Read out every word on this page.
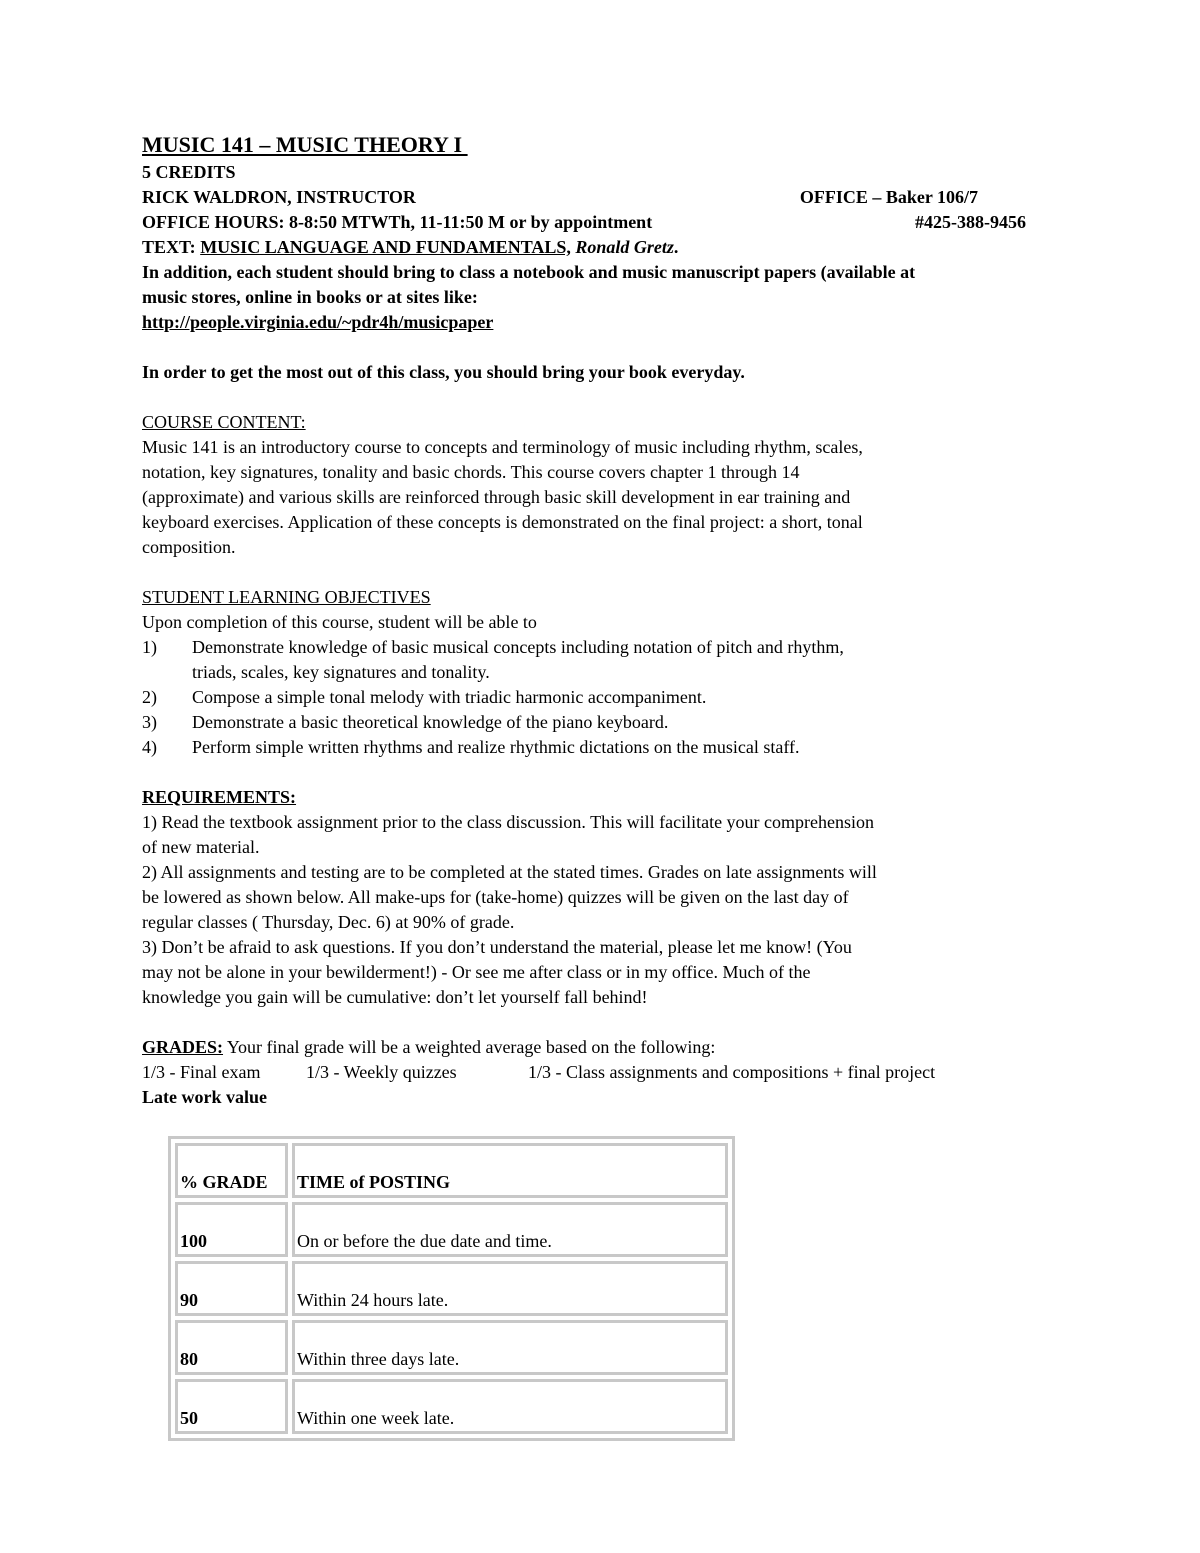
MUSIC 141 – MUSIC THEORY I
5 CREDITS
RICK WALDRON, INSTRUCTOR	OFFICE – Baker 106/7
OFFICE HOURS: 8-8:50 MTWTh, 11-11:50 M or by appointment	#425-388-9456
TEXT: MUSIC LANGUAGE AND FUNDAMENTALS, Ronald Gretz.
In addition, each student should bring to class a notebook and music manuscript papers (available at
music stores, online in books or at sites like:
http://people.virginia.edu/~pdr4h/musicpaper
In order to get the most out of this class, you should bring your book everyday.
COURSE CONTENT:
Music 141 is an introductory course to concepts and terminology of music including rhythm, scales,
notation, key signatures, tonality and basic chords. This course covers chapter 1 through 14
(approximate) and various skills are reinforced through basic skill development in ear training and
keyboard exercises. Application of these concepts is demonstrated on the final project: a short, tonal
composition.
STUDENT LEARNING OBJECTIVES
Upon completion of this course, student will be able to
1)	Demonstrate knowledge of basic musical concepts including notation of pitch and rhythm,
triads, scales, key signatures and tonality.
2)	Compose a simple tonal melody with triadic harmonic accompaniment.
3)	Demonstrate a basic theoretical knowledge of the piano keyboard.
4)	Perform simple written rhythms and realize rhythmic dictations on the musical staff.
REQUIREMENTS:
1) Read the textbook assignment prior to the class discussion. This will facilitate your comprehension
of new material.
2) All assignments and testing are to be completed at the stated times. Grades on late assignments will
be lowered as shown below. All make-ups for (take-home) quizzes will be given on the last day of
regular classes ( Thursday, Dec. 6) at 90% of grade.
3) Don’t be afraid to ask questions. If you don’t understand the material, please let me know! (You
may not be alone in your bewilderment!) - Or see me after class or in my office. Much of the
knowledge you gain will be cumulative: don’t let yourself fall behind!
GRADES: Your final grade will be a weighted average based on the following:
1/3 - Final exam	1/3 - Weekly quizzes	1/3 - Class assignments and compositions + final project
Late work value
% GRADE	TIME of POSTING
100	On or before the due date and time.
90	Within 24 hours late.
80	Within three days late.
50	Within one week late.
